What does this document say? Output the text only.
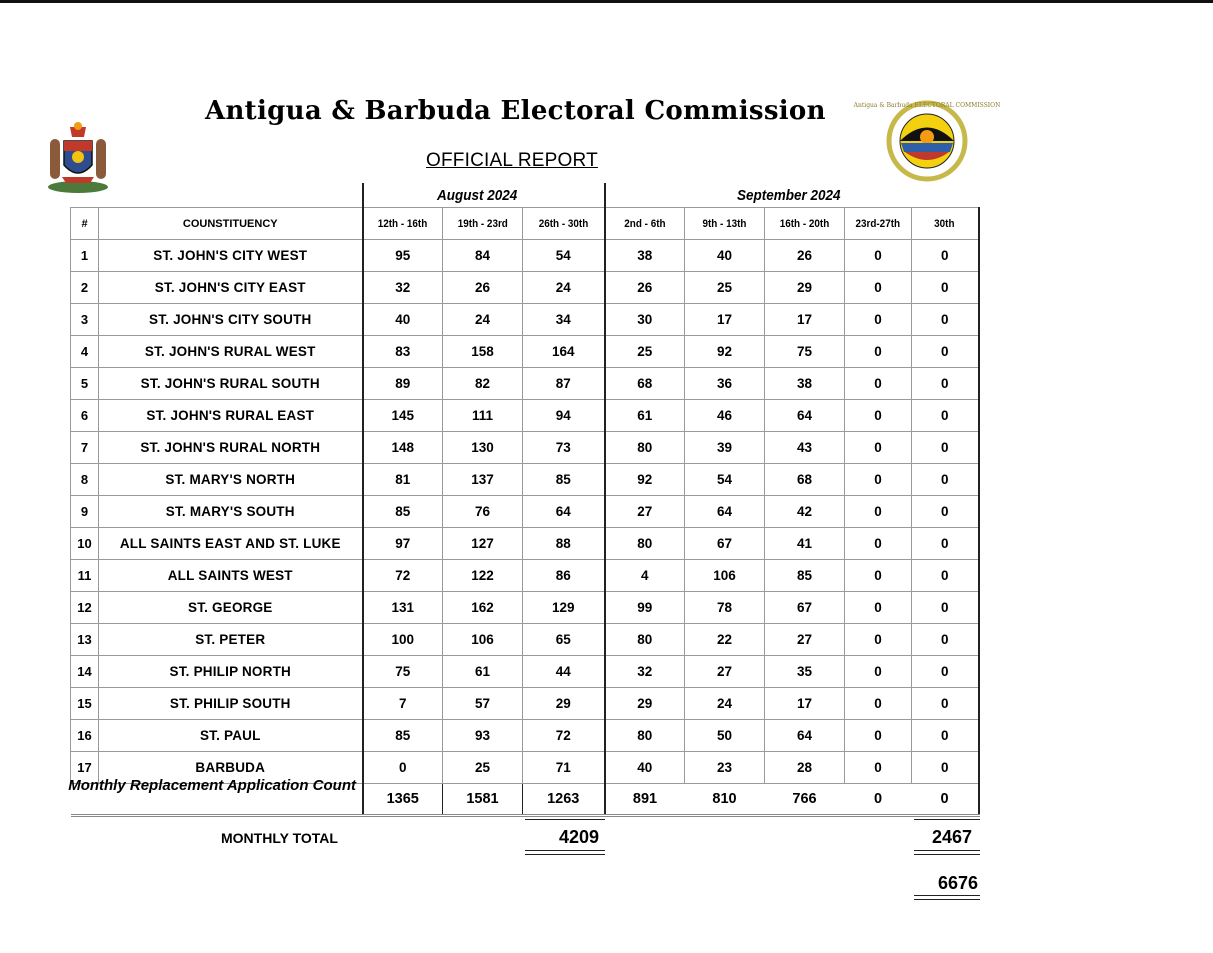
Antigua & Barbuda Electoral Commission
OFFICIAL REPORT
Antigua & Barbuda ELECTORAL COMMISSION
August 2024	September 2024
#	COUNSTITUENCY	12th - 16th	19th - 23rd	26th - 30th	2nd - 6th	9th - 13th	16th - 20th	23rd-27th	30th
1	ST. JOHN'S CITY WEST	95	84	54	38	40	26	0	0
2	ST. JOHN'S CITY EAST	32	26	24	26	25	29	0	0
3	ST. JOHN'S CITY SOUTH	40	24	34	30	17	17	0	0
4	ST. JOHN'S RURAL WEST	83	158	164	25	92	75	0	0
5	ST. JOHN'S RURAL SOUTH	89	82	87	68	36	38	0	0
6	ST. JOHN'S RURAL EAST	145	111	94	61	46	64	0	0
7	ST. JOHN'S RURAL NORTH	148	130	73	80	39	43	0	0
8	ST. MARY'S NORTH	81	137	85	92	54	68	0	0
9	ST. MARY'S SOUTH	85	76	64	27	64	42	0	0
10	ALL SAINTS EAST AND ST. LUKE	97	127	88	80	67	41	0	0
11	ALL SAINTS WEST	72	122	86	4	106	85	0	0
12	ST. GEORGE	131	162	129	99	78	67	0	0
13	ST. PETER	100	106	65	80	22	27	0	0
14	ST. PHILIP NORTH	75	61	44	32	27	35	0	0
15	ST. PHILIP SOUTH	7	57	29	29	24	17	0	0
16	ST. PAUL	85	93	72	80	50	64	0	0
17	BARBUDA	0	25	71	40	23	28	0	0
		1365	1581	1263	891	810	766	0	0
Monthly Replacement Application Count
MONTHLY TOTAL	4209	2467
6676
